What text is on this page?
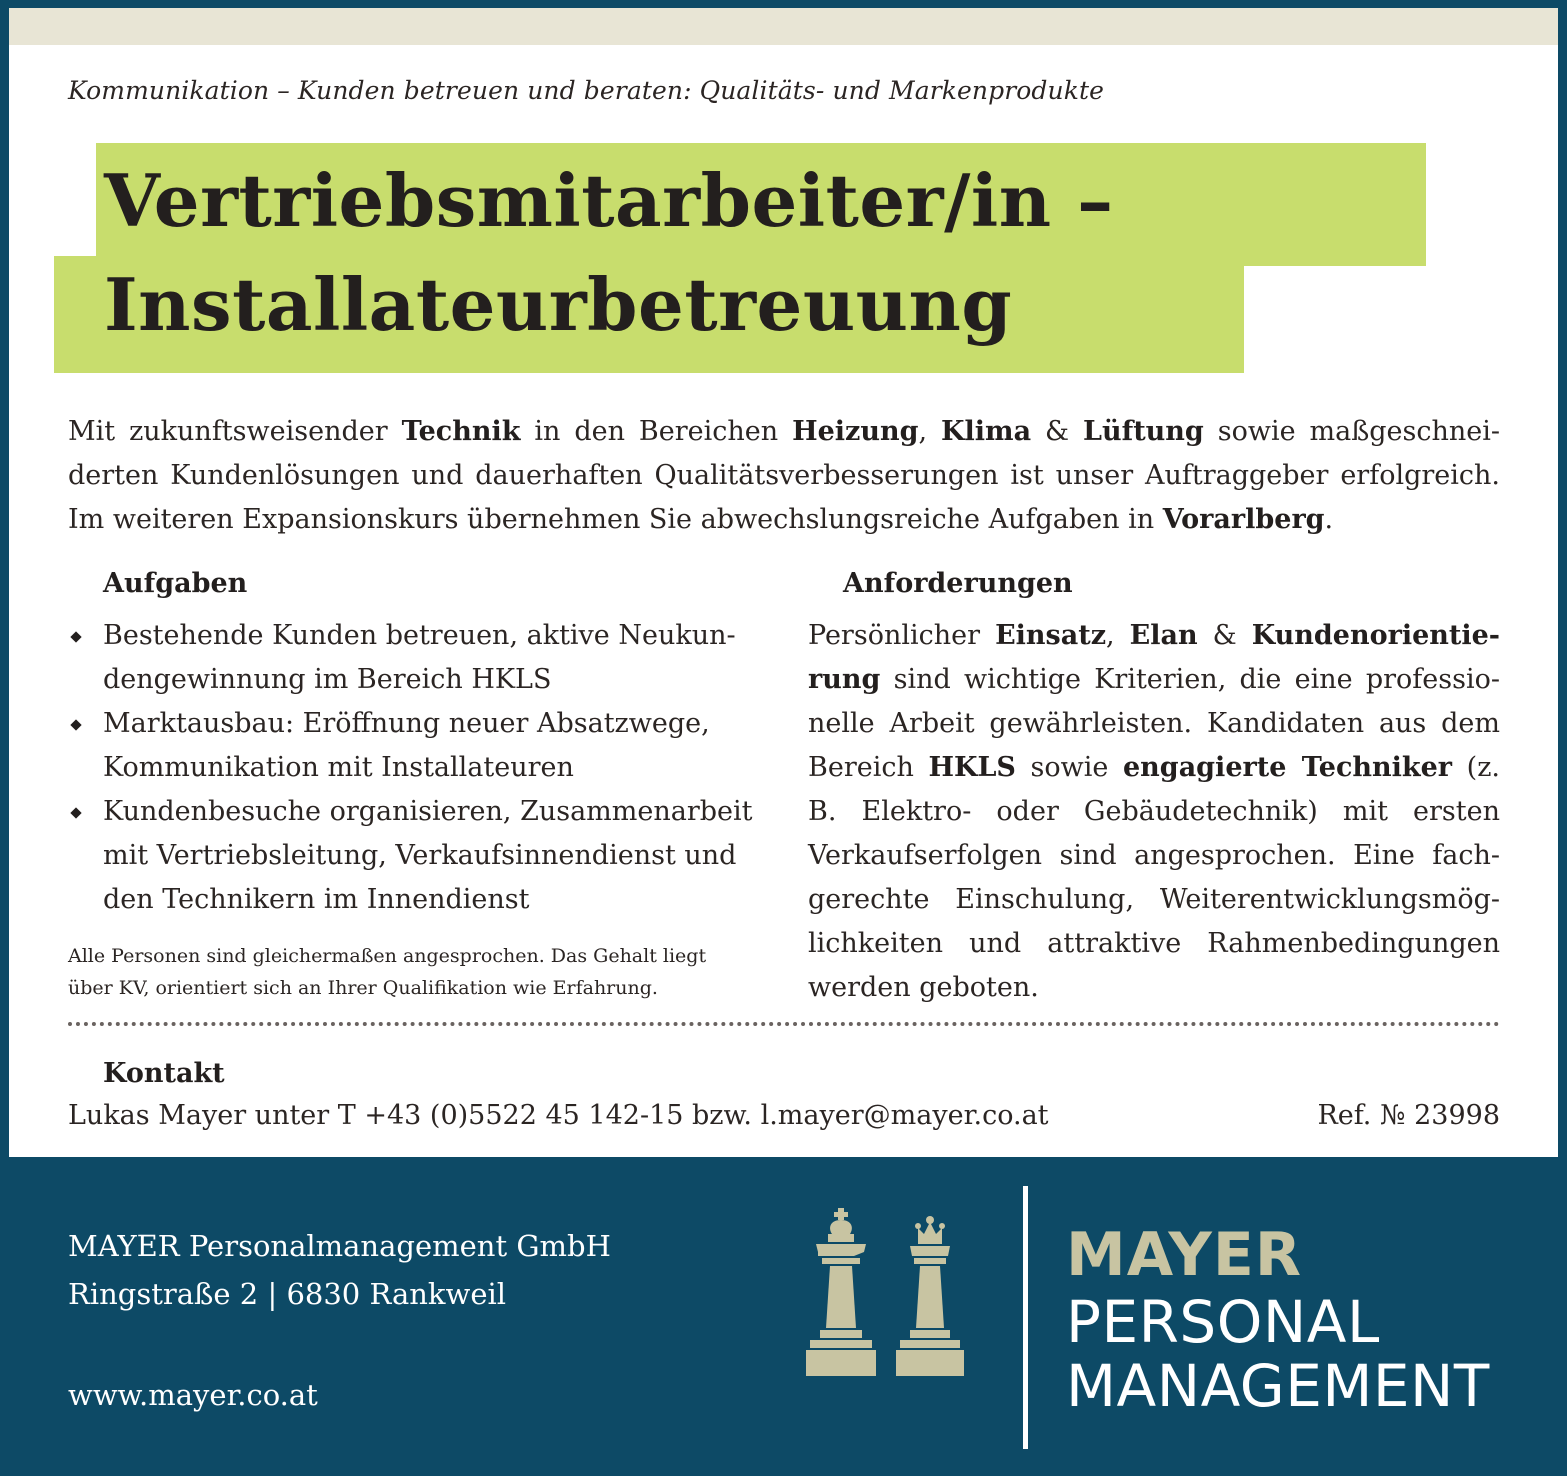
Kommunikation – Kunden betreuen und beraten: Qualitäts- und Markenprodukte
Vertriebsmitarbeiter/in –
Installateurbetreuung
Mit zukunftsweisender Technik in den Bereichen Heizung, Klima & Lüftung sowie maßgeschneiderten Kundenlösungen und dauerhaften Qualitätsverbesserungen ist unser Auftraggeber erfolgreich. Im weiteren Expansionskurs übernehmen Sie abwechslungsreiche Aufgaben in Vorarlberg.
Aufgaben
Bestehende Kunden betreuen, aktive Neukundengewinnung im Bereich HKLS
Marktausbau: Eröffnung neuer Absatzwege, Kommunikation mit Installateuren
Kundenbesuche organisieren, Zusammenarbeit mit Vertriebsleitung, Verkaufsinnendienst und den Technikern im Innendienst
Alle Personen sind gleichermaßen angesprochen. Das Gehalt liegt über KV, orientiert sich an Ihrer Qualifikation wie Erfahrung.
Anforderungen
Persönlicher Einsatz, Elan & Kundenorientierung sind wichtige Kriterien, die eine professionelle Arbeit gewährleisten. Kandidaten aus dem Bereich HKLS sowie engagierte Techniker (z. B. Elektro- oder Gebäudetechnik) mit ersten Verkaufserfolgen sind angesprochen. Eine fachgerechte Einschulung, Weiterentwicklungsmöglichkeiten und attraktive Rahmenbedingungen werden geboten.
Kontakt
Lukas Mayer unter T +43 (0)5522 45 142-15 bzw. l.mayer@mayer.co.at	Ref. № 23998
MAYER Personalmanagement GmbH
Ringstraße 2 | 6830 Rankweil
www.mayer.co.at
MAYER
PERSONAL
MANAGEMENT
